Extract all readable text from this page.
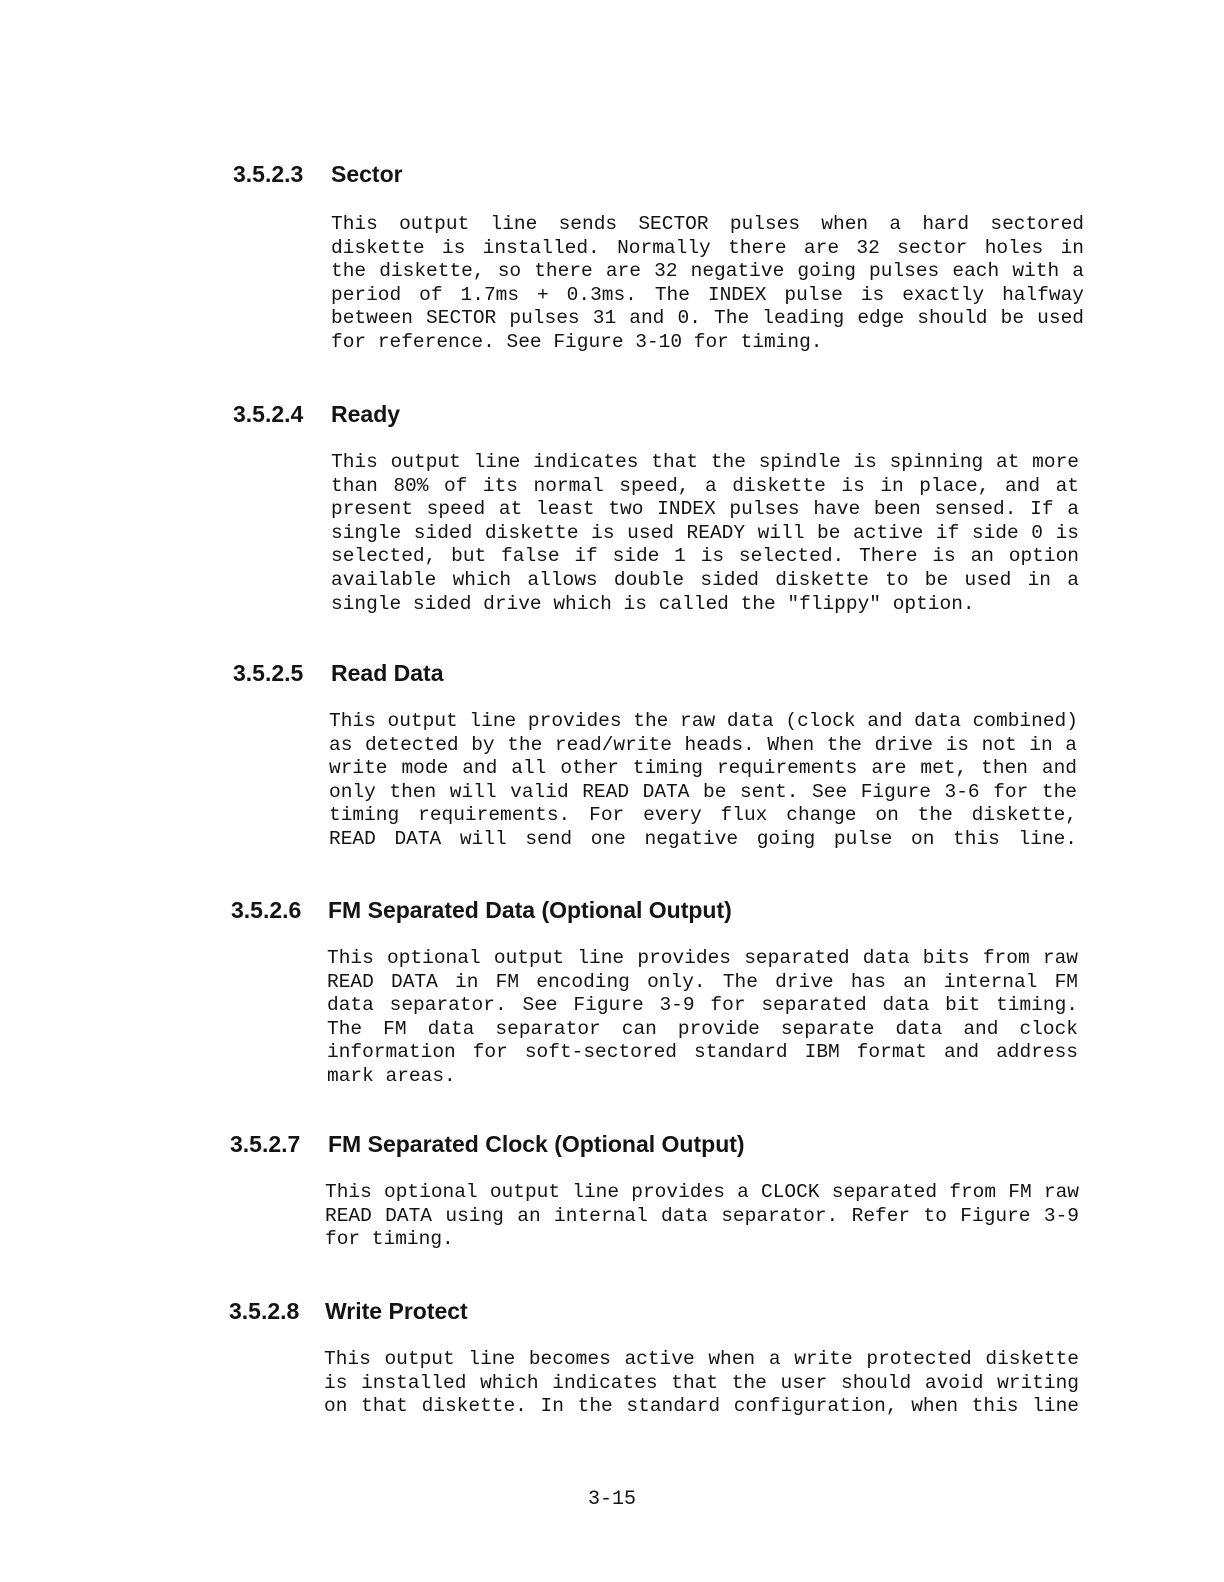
3.5.2.3 Sector
This output line sends SECTOR pulses when a hard sectored
diskette is installed. Normally there are 32 sector holes in
the diskette, so there are 32 negative going pulses each with a
period of 1.7ms + 0.3ms. The INDEX pulse is exactly halfway
between SECTOR pulses 31 and 0. The leading edge should be used
for reference. See Figure 3-10 for timing.
3.5.2.4 Ready
This output line indicates that the spindle is spinning at more
than 80% of its normal speed, a diskette is in place, and at
present speed at least two INDEX pulses have been sensed. If a
single sided diskette is used READY will be active if side 0 is
selected, but false if side 1 is selected. There is an option
available which allows double sided diskette to be used in a
single sided drive which is called the "flippy" option.
3.5.2.5 Read Data
This output line provides the raw data (clock and data combined)
as detected by the read/write heads. When the drive is not in a
write mode and all other timing requirements are met, then and
only then will valid READ DATA be sent. See Figure 3-6 for the
timing requirements. For every flux change on the diskette,
READ DATA will send one negative going pulse on this line.
3.5.2.6 FM Separated Data (Optional Output)
This optional output line provides separated data bits from raw
READ DATA in FM encoding only. The drive has an internal FM
data separator. See Figure 3-9 for separated data bit timing.
The FM data separator can provide separate data and clock
information for soft-sectored standard IBM format and address
mark areas.
3.5.2.7 FM Separated Clock (Optional Output)
This optional output line provides a CLOCK separated from FM raw
READ DATA using an internal data separator. Refer to Figure 3-9
for timing.
3.5.2.8 Write Protect
This output line becomes active when a write protected diskette
is installed which indicates that the user should avoid writing
on that diskette. In the standard configuration, when this line
3-15
